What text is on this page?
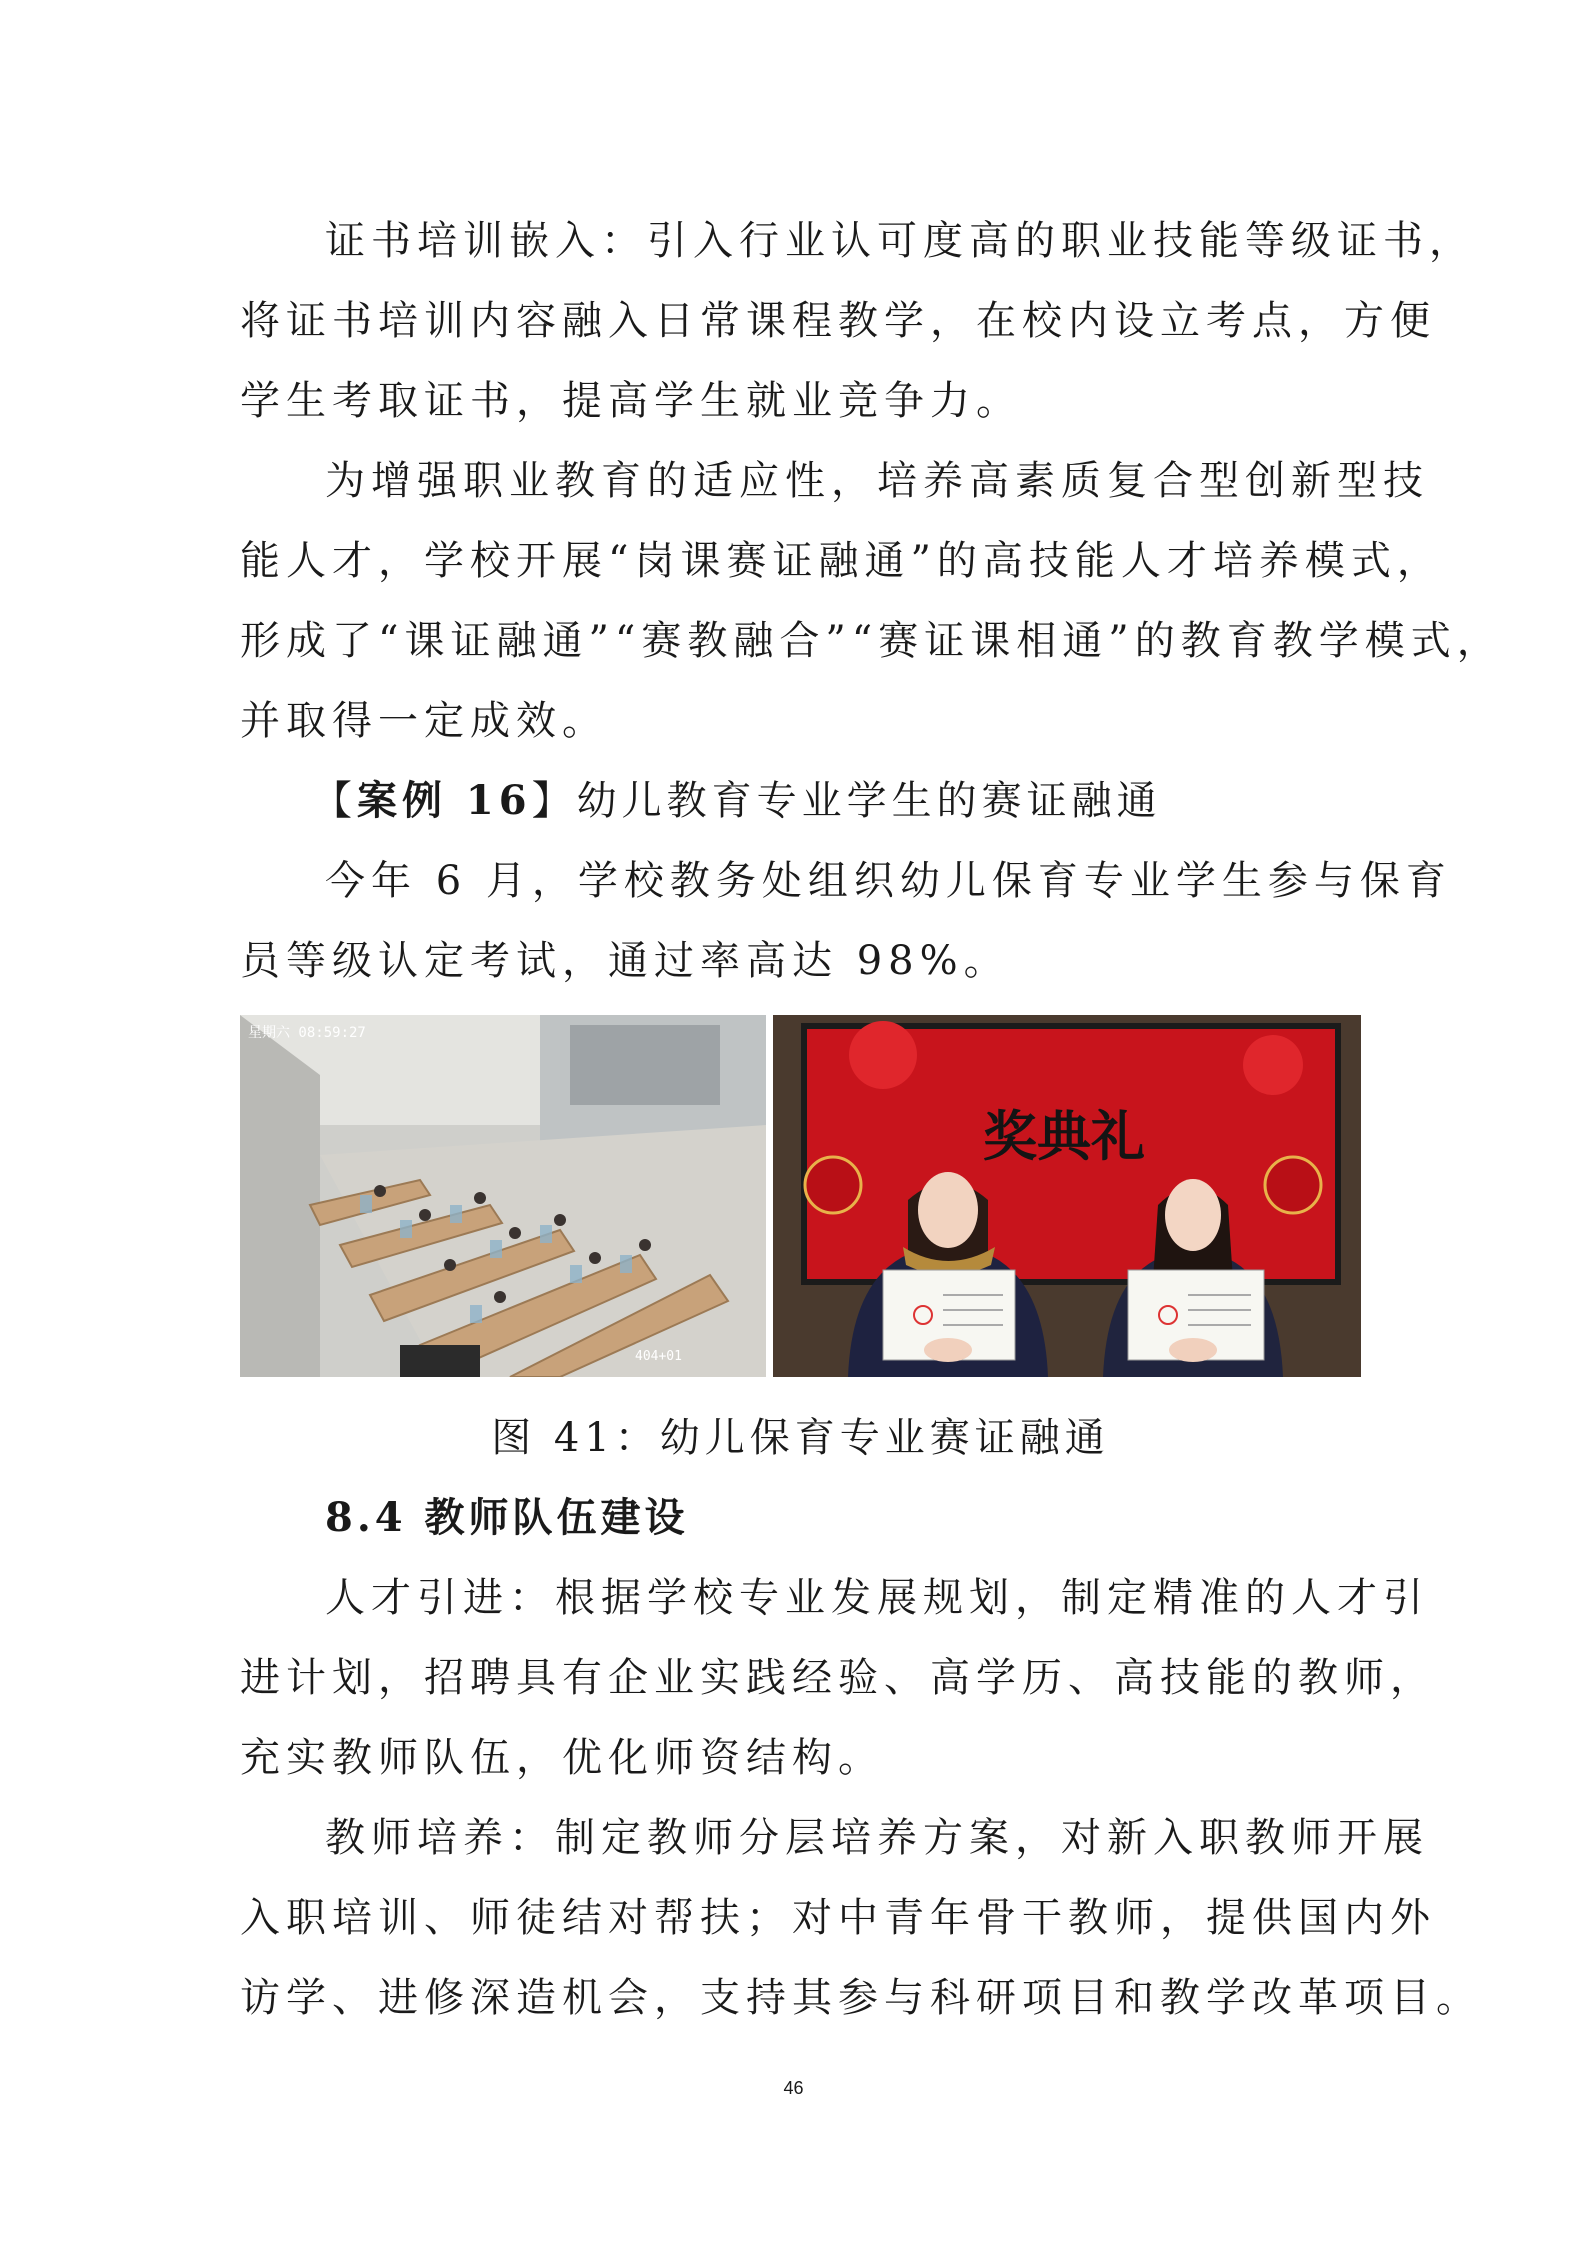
证书培训嵌入：引入行业认可度高的职业技能等级证书，
将证书培训内容融入日常课程教学，在校内设立考点，方便
学生考取证书，提高学生就业竞争力。
为增强职业教育的适应性，培养高素质复合型创新型技
能人才，学校开展“岗课赛证融通”的高技能人才培养模式，
形成了“课证融通”“赛教融合”“赛证课相通”的教育教学模式，
并取得一定成效。
【案例 16】幼儿教育专业学生的赛证融通
今年 6 月，学校教务处组织幼儿保育专业学生参与保育
员等级认定考试，通过率高达 98%。
星期六 08:59:27
404+01
奖典礼
图 41：幼儿保育专业赛证融通
8.4 教师队伍建设
人才引进：根据学校专业发展规划，制定精准的人才引
进计划，招聘具有企业实践经验、高学历、高技能的教师，
充实教师队伍，优化师资结构。
教师培养：制定教师分层培养方案，对新入职教师开展
入职培训、师徒结对帮扶；对中青年骨干教师，提供国内外
访学、进修深造机会，支持其参与科研项目和教学改革项目。
46
